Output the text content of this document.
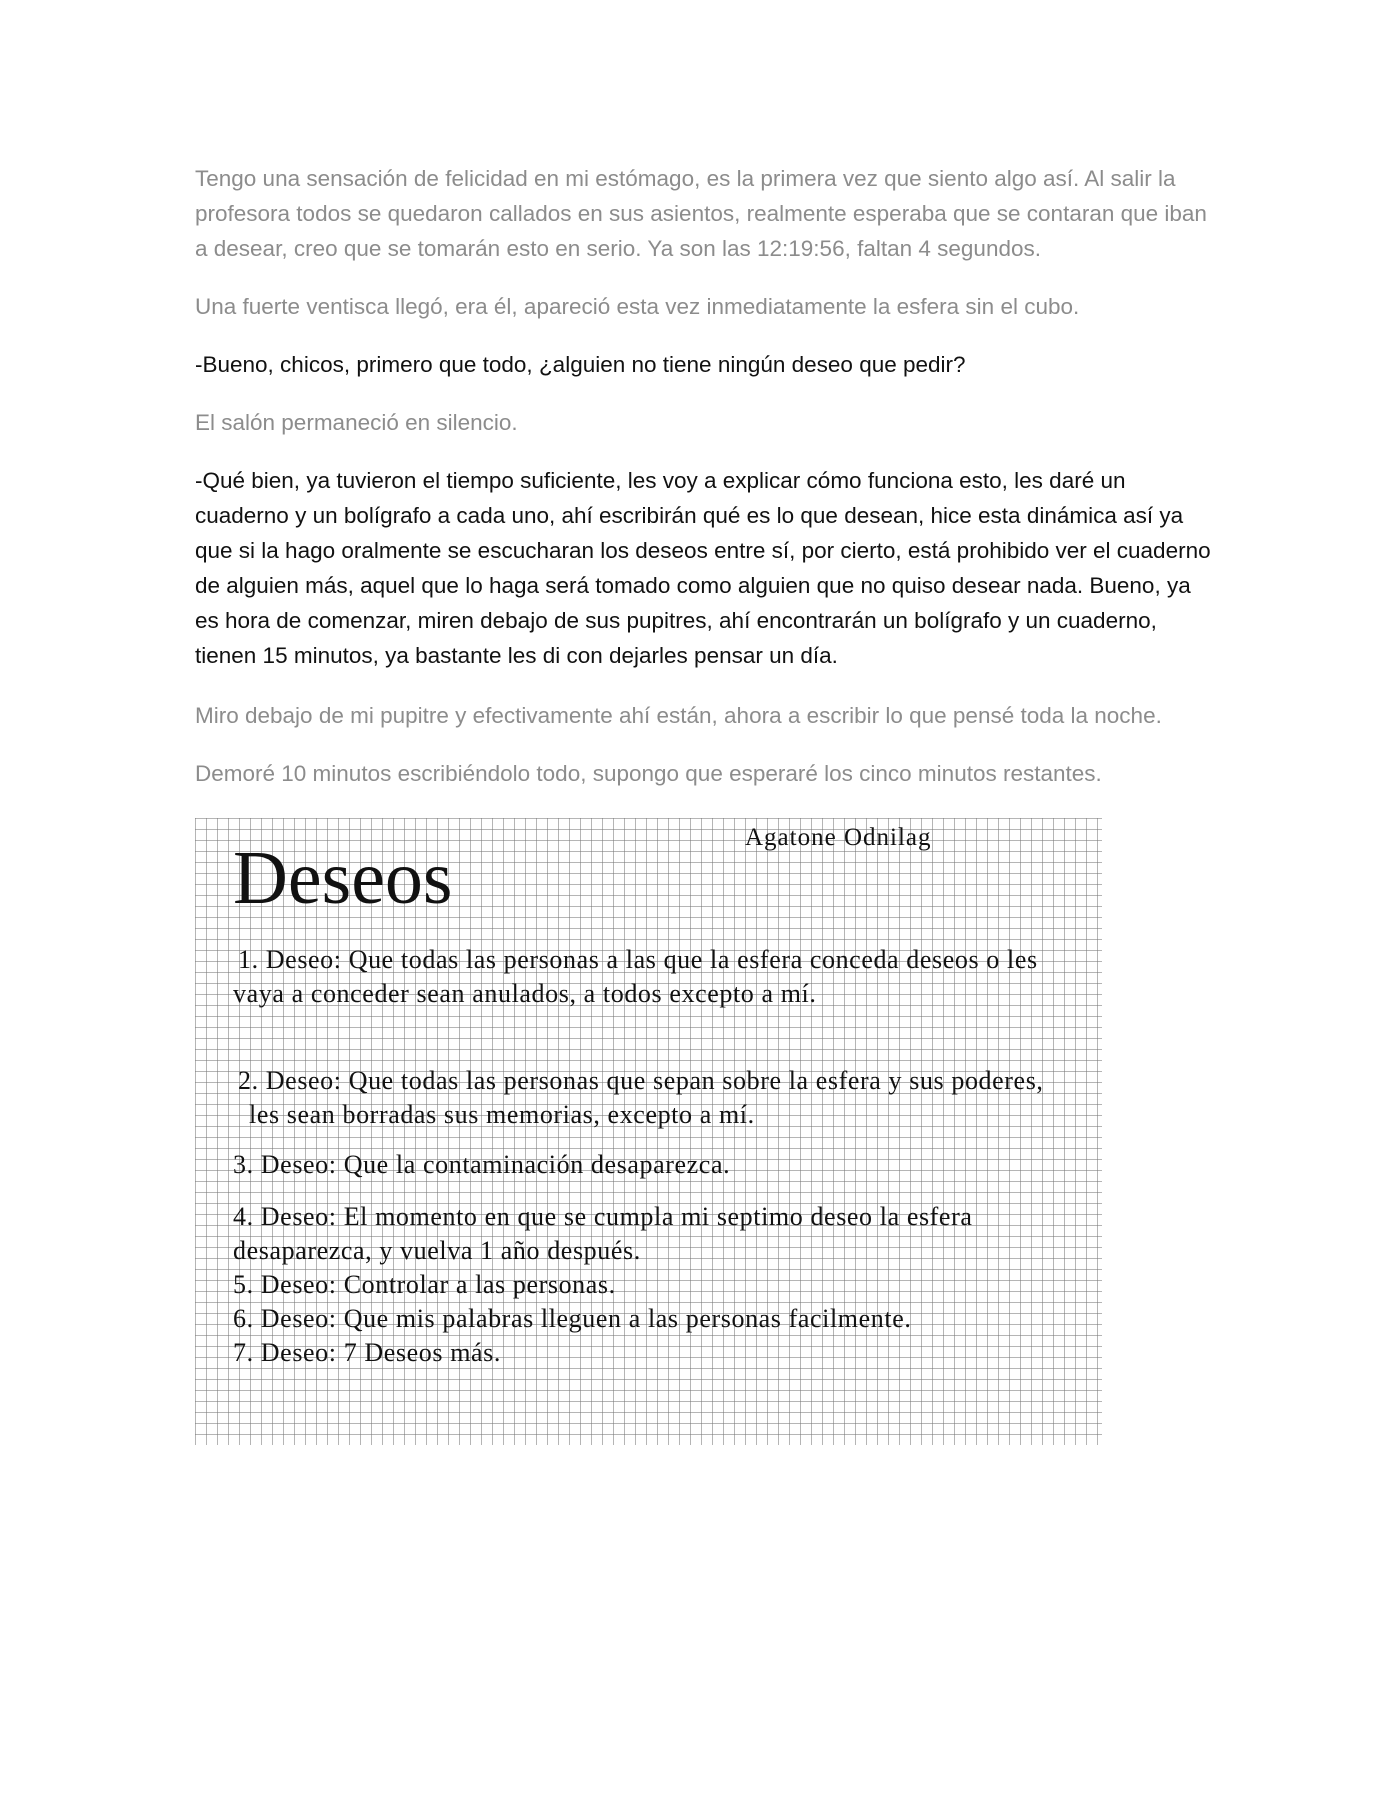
Tengo una sensación de felicidad en mi estómago, es la primera vez que siento algo así. Al salir la profesora todos se quedaron callados en sus asientos, realmente esperaba que se contaran que iban a desear, creo que se tomarán esto en serio. Ya son las 12:19:56, faltan 4 segundos.

Una fuerte ventisca llegó, era él, apareció esta vez inmediatamente la esfera sin el cubo.

-Bueno, chicos, primero que todo, ¿alguien no tiene ningún deseo que pedir?

El salón permaneció en silencio.

-Qué bien, ya tuvieron el tiempo suficiente, les voy a explicar cómo funciona esto, les daré un cuaderno y un bolígrafo a cada uno, ahí escribirán qué es lo que desean, hice esta dinámica así ya que si la hago oralmente se escucharan los deseos entre sí, por cierto, está prohibido ver el cuaderno de alguien más, aquel que lo haga será tomado como alguien que no quiso desear nada. Bueno, ya es hora de comenzar, miren debajo de sus pupitres, ahí encontrarán un bolígrafo y un cuaderno, tienen 15 minutos, ya bastante les di con dejarles pensar un día.

Miro debajo de mi pupitre y efectivamente ahí están, ahora a escribir lo que pensé toda la noche.

Demoré 10 minutos escribiéndolo todo, supongo que esperaré los cinco minutos restantes.

Agatone Odnilag
Deseos
1. Deseo: Que todas las personas a las que la esfera conceda deseos o les vaya a conceder sean anulados, a todos excepto a mí.
2. Deseo: Que todas las personas que sepan sobre la esfera y sus poderes, les sean borradas sus memorias, excepto a mí.
3. Deseo: Que la contaminación desaparezca.
4. Deseo: El momento en que se cumpla mi septimo deseo la esfera desaparezca, y vuelva 1 año después.
5. Deseo: Controlar a las personas.
6. Deseo: Que mis palabras lleguen a las personas facilmente.
7. Deseo: 7 Deseos más.
